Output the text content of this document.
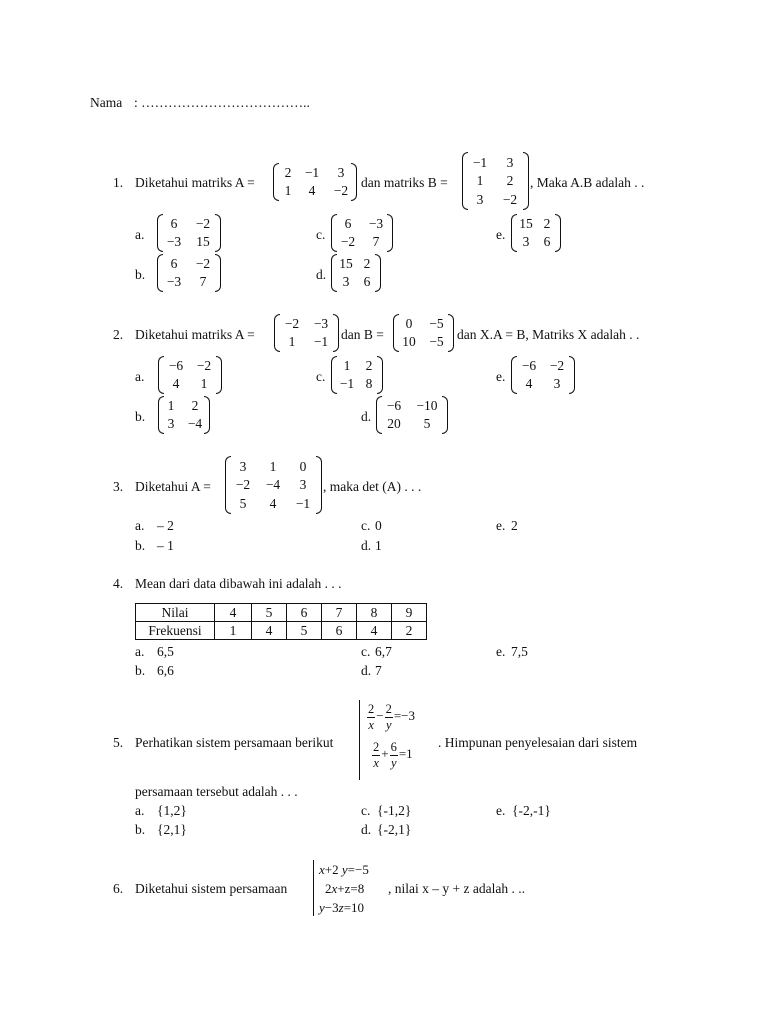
Nama : ………………………………..
1. Diketahui matriks A =
2 −1	3
1	4	−2
dan matriks B =
−1	3
1	2
3	−2
, Maka A.B adalah . .
a.
6	−2
−3	15
b.
6	−2
−3	7
c.
6	−3
−2	7
d.
15 2
3	6
e.
15 2
3	6
2. Diketahui matriks A =
−2	−3
1	−1 dan B =
0	−5
10	−5 dan X.A = B, Matriks X adalah . .
a.
−6	−2
4	1
b.
1	2
3 −4
c.
1	2
−1 8
d.
−6	−10
20	5
e.
−6	−2
4	3
3. Diketahui A =
3	1	0
−2	−4	3
5	4	−1
, maka det (A) . . .
a. – 2
b. – 1
c. 0
d. 1
e. 2
4. Mean dari data dibawah ini adalah . . .
Nilai	4	5	6	7	8	9
Frekuensi	1	4	5	6	4	2
a. 6,5
b. 6,6
c. 6,7
d. 7
e. 7,5
5. Perhatikan sistem persamaan berikut
$\frac{2}{x} - \frac{2}{y} =-3$
$\frac{2}{x} + \frac{6}{y} =1$
. Himpunan penyelesaian dari sistem
persamaan tersebut adalah . . .
a. {1,2}
b. {2,1}
c. {-1,2}
d. {-2,1}
e. {-2,-1}
6. Diketahui sistem persamaan
x+2 y=−5
2x+z=8
y−3z=10
, nilai x – y + z adalah . ..
